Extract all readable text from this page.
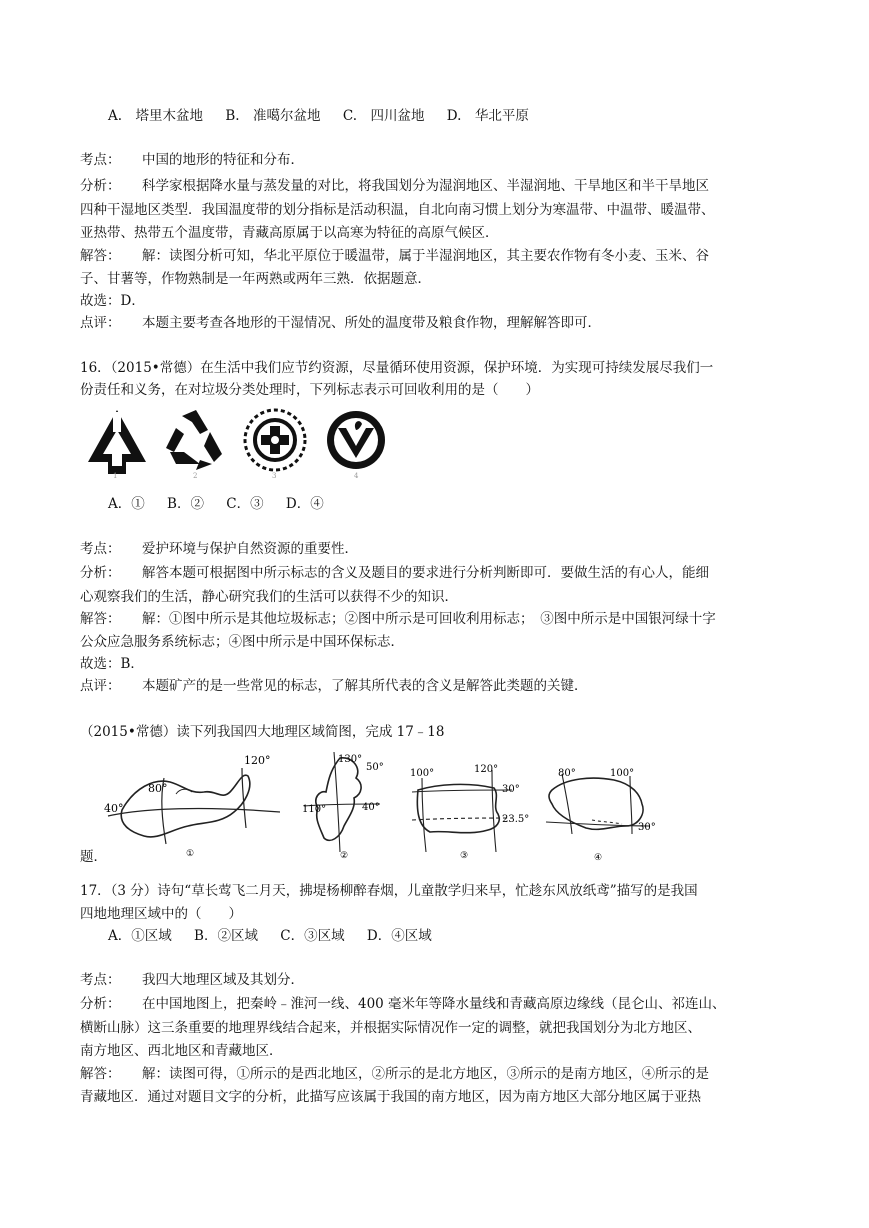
A.　塔里木盆地 B.　准噶尔盆地 C.　四川盆地 D.　华北平原
考点： 中国的地形的特征和分布．
分析： 科学家根据降水量与蒸发量的对比，将我国划分为湿润地区、半湿润地、干旱地区和半干旱地区
四种干湿地区类型．我国温度带的划分指标是活动积温，自北向南习惯上划分为寒温带、中温带、暖温带、
亚热带、热带五个温度带，青藏高原属于以高寒为特征的高原气候区．
解答： 解：读图分析可知，华北平原位于暖温带，属于半湿润地区，其主要农作物有冬小麦、玉米、谷
子、甘薯等，作物熟制是一年两熟或两年三熟．依据题意．
故选：D．
点评： 本题主要考查各地形的干湿情况、所处的温度带及粮食作物，理解解答即可．
16．（2015•常德）在生活中我们应节约资源，尽量循环使用资源，保护环境．为实现可持续发展尽我们一
份责任和义务，在对垃圾分类处理时，下列标志表示可回收利用的是（　　）
1	2	3	4
A．① B．② C．③ D．④
考点： 爱护环境与保护自然资源的重要性．
分析： 解答本题可根据图中所示标志的含义及题目的要求进行分析判断即可．要做生活的有心人，能细
心观察我们的生活，静心研究我们的生活可以获得不少的知识．
解答： 解：①图中所示是其他垃圾标志；②图中所示是可回收利用标志；　③图中所示是中国银河绿十字
公众应急服务系统标志；④图中所示是中国环保标志．
故选：B．
点评： 本题矿产的是一些常见的标志，了解其所代表的含义是解答此类题的关键．
（2015•常德）读下列我国四大地理区域简图，完成 17﹣18
80°
120°
40°
①
130°
50°
110°	40°
②
100°	120°
30°
23.5°
③
80°	100°
30°
④
题．
17．（3 分）诗句“草长莺飞二月天，拂堤杨柳醉春烟，儿童散学归来早，忙趁东风放纸鸢”描写的是我国
四地地理区域中的（　　）
A．①区域 B．②区域 C．③区域 D．④区域
考点： 我四大地理区域及其划分．
分析： 在中国地图上，把秦岭﹣淮河一线、400 毫米年等降水量线和青藏高原边缘线（昆仑山、祁连山、
横断山脉）这三条重要的地理界线结合起来，并根据实际情况作一定的调整，就把我国划分为北方地区、
南方地区、西北地区和青藏地区．
解答： 解：读图可得，①所示的是西北地区，②所示的是北方地区，③所示的是南方地区，④所示的是
青藏地区．通过对题目文字的分析，此描写应该属于我国的南方地区，因为南方地区大部分地区属于亚热
